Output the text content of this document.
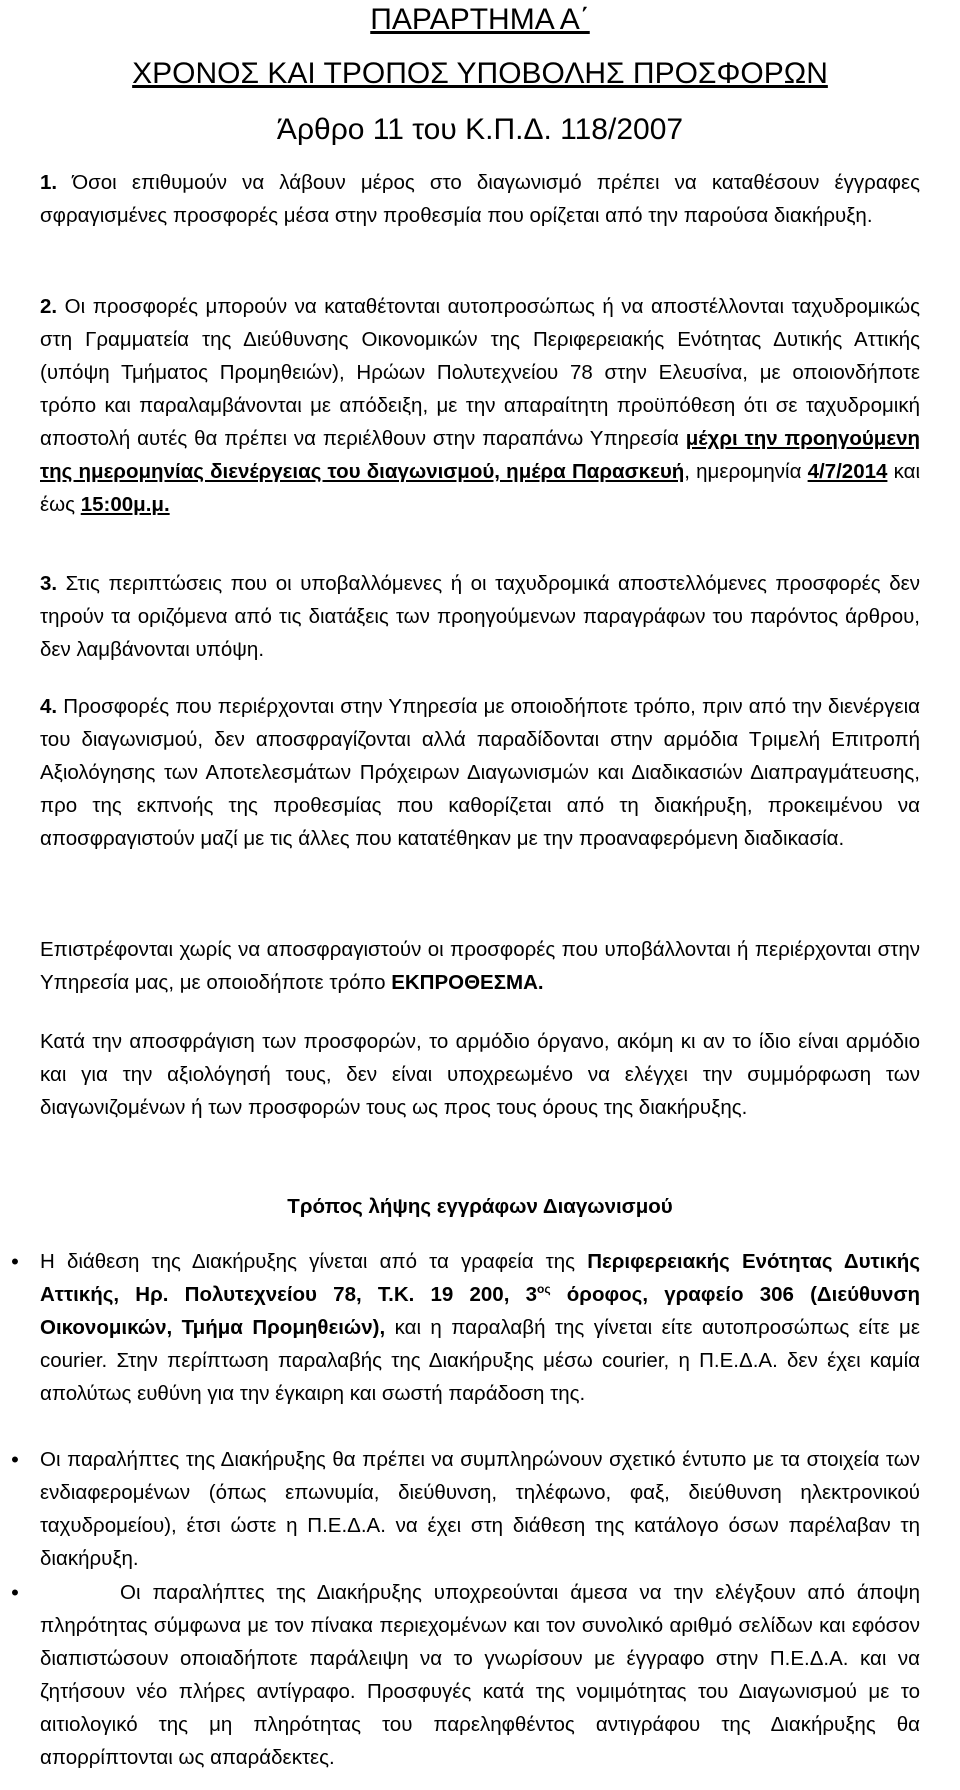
ΠΑΡΑΡΤΗΜΑ Α΄
ΧΡΟΝΟΣ ΚΑΙ ΤΡΟΠΟΣ ΥΠΟΒΟΛΗΣ ΠΡΟΣΦΟΡΩΝ
Άρθρο 11 του Κ.Π.Δ. 118/2007

1. Όσοι επιθυμούν να λάβουν μέρος στο διαγωνισμό πρέπει να καταθέσουν έγγραφες σφραγισμένες προσφορές μέσα στην προθεσμία που ορίζεται από την παρούσα διακήρυξη.

2. Οι προσφορές μπορούν να καταθέτονται αυτοπροσώπως ή να αποστέλλονται ταχυδρομικώς στη Γραμματεία της Διεύθυνσης Οικονομικών της Περιφερειακής Ενότητας Δυτικής Αττικής (υπόψη Τμήματος Προμηθειών), Ηρώων Πολυτεχνείου 78 στην Ελευσίνα, με οποιονδήποτε τρόπο και παραλαμβάνονται με απόδειξη, με την απαραίτητη προϋπόθεση ότι σε ταχυδρομική αποστολή αυτές θα πρέπει να περιέλθουν στην παραπάνω Υπηρεσία μέχρι την προηγούμενη της ημερομηνίας διενέργειας του διαγωνισμού, ημέρα Παρασκευή, ημερομηνία 4/7/2014 και έως 15:00μ.μ.

3. Στις περιπτώσεις που οι υποβαλλόμενες ή οι ταχυδρομικά αποστελλόμενες προσφορές δεν τηρούν τα οριζόμενα από τις διατάξεις των προηγούμενων παραγράφων του παρόντος άρθρου, δεν λαμβάνονται υπόψη.

4. Προσφορές που περιέρχονται στην Υπηρεσία με οποιοδήποτε τρόπο, πριν από την διενέργεια του διαγωνισμού, δεν αποσφραγίζονται αλλά παραδίδονται στην αρμόδια Τριμελή Επιτροπή Αξιολόγησης των Αποτελεσμάτων Πρόχειρων Διαγωνισμών και Διαδικασιών Διαπραγμάτευσης, προ της εκπνοής της προθεσμίας που καθορίζεται από τη διακήρυξη, προκειμένου να αποσφραγιστούν μαζί με τις άλλες που κατατέθηκαν με την προαναφερόμενη διαδικασία.

Επιστρέφονται χωρίς να αποσφραγιστούν οι προσφορές που υποβάλλονται ή περιέρχονται στην Υπηρεσία μας, με οποιοδήποτε τρόπο ΕΚΠΡΟΘΕΣΜΑ.

Κατά την αποσφράγιση των προσφορών, το αρμόδιο όργανο, ακόμη κι αν το ίδιο είναι αρμόδιο και για την αξιολόγησή τους, δεν είναι υποχρεωμένο να ελέγχει την συμμόρφωση των διαγωνιζομένων ή των προσφορών τους ως προς τους όρους της διακήρυξης.

Τρόπος λήψης εγγράφων Διαγωνισμού
•	Η διάθεση της Διακήρυξης γίνεται από τα γραφεία της Περιφερειακής Ενότητας Δυτικής Αττικής, Ηρ. Πολυτεχνείου 78, Τ.Κ. 19 200, $3^{o\varsigma}$ όροφος, γραφείο 306 (Διεύθυνση Οικονομικών, Τμήμα Προμηθειών), και η παραλαβή της γίνεται είτε αυτοπροσώπως είτε με courier. Στην περίπτωση παραλαβής της Διακήρυξης μέσω courier, η Π.Ε.Δ.Α. δεν έχει καμία απολύτως ευθύνη για την έγκαιρη και σωστή παράδοση της.

•	Οι παραλήπτες της Διακήρυξης θα πρέπει να συμπληρώνουν σχετικό έντυπο με τα στοιχεία των ενδιαφερομένων (όπως επωνυμία, διεύθυνση, τηλέφωνο, φαξ, διεύθυνση ηλεκτρονικού ταχυδρομείου), έτσι ώστε η Π.Ε.Δ.Α. να έχει στη διάθεση της κατάλογο όσων παρέλαβαν τη διακήρυξη.

•	Οι παραλήπτες της Διακήρυξης υποχρεούνται άμεσα να την ελέγξουν από άποψη πληρότητας σύμφωνα με τον πίνακα περιεχομένων και τον συνολικό αριθμό σελίδων και εφόσον διαπιστώσουν οποιαδήποτε παράλειψη να το γνωρίσουν με έγγραφο στην Π.Ε.Δ.Α. και να ζητήσουν νέο πλήρες αντίγραφο. Προσφυγές κατά της νομιμότητας του Διαγωνισμού με το αιτιολογικό της μη πληρότητας του παρεληφθέντος αντιγράφου της Διακήρυξης θα απορρίπτονται ως απαράδεκτες.
